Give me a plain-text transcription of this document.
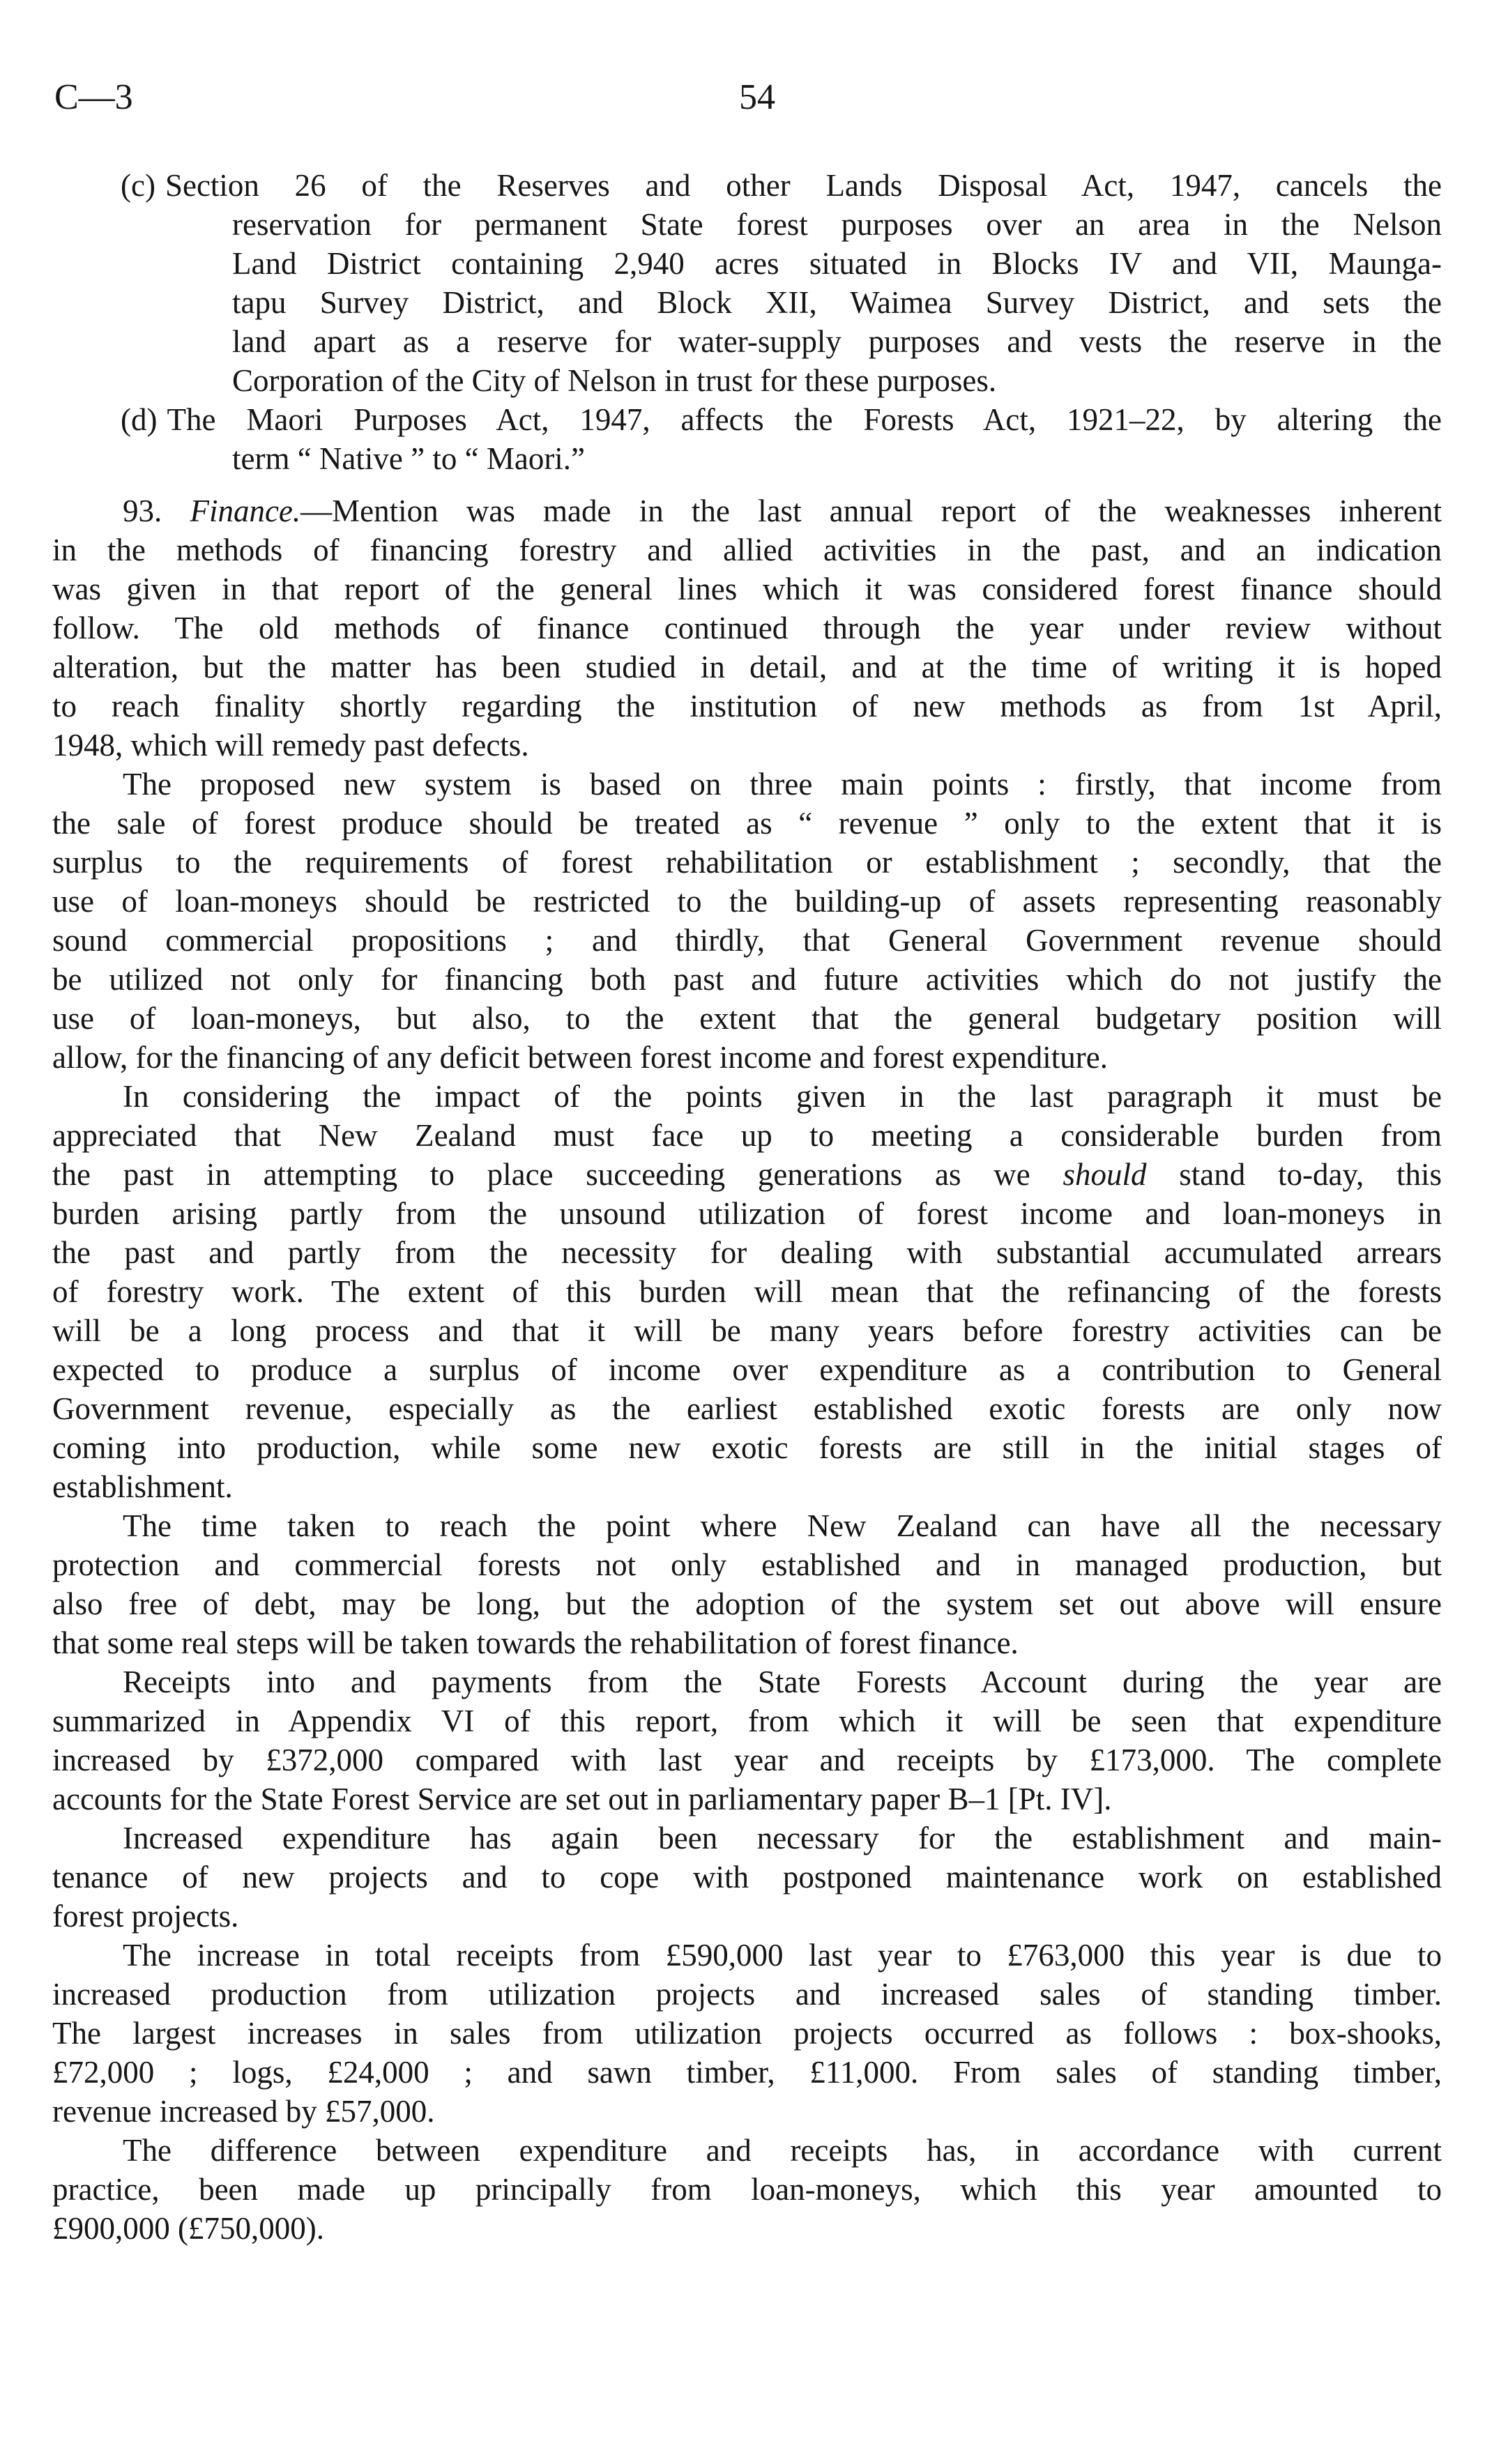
C—3	54
(c) Section 26 of the Reserves and other Lands Disposal Act, 1947, cancels the
reservation for permanent State forest purposes over an area in the Nelson
Land District containing 2,940 acres situated in Blocks IV and VII, Maunga-
tapu Survey District, and Block XII, Waimea Survey District, and sets the
land apart as a reserve for water-supply purposes and vests the reserve in the
Corporation of the City of Nelson in trust for these purposes.
(d) The Maori Purposes Act, 1947, affects the Forests Act, 1921–22, by altering the
term “ Native ” to “ Maori.”
93. Finance.—Mention was made in the last annual report of the weaknesses inherent
in the methods of financing forestry and allied activities in the past, and an indication
was given in that report of the general lines which it was considered forest finance should
follow. The old methods of finance continued through the year under review without
alteration, but the matter has been studied in detail, and at the time of writing it is hoped
to reach finality shortly regarding the institution of new methods as from 1st April,
1948, which will remedy past defects.
The proposed new system is based on three main points : firstly, that income from
the sale of forest produce should be treated as “ revenue ” only to the extent that it is
surplus to the requirements of forest rehabilitation or establishment ; secondly, that the
use of loan-moneys should be restricted to the building-up of assets representing reasonably
sound commercial propositions ; and thirdly, that General Government revenue should
be utilized not only for financing both past and future activities which do not justify the
use of loan-moneys, but also, to the extent that the general budgetary position will
allow, for the financing of any deficit between forest income and forest expenditure.
In considering the impact of the points given in the last paragraph it must be
appreciated that New Zealand must face up to meeting a considerable burden from
the past in attempting to place succeeding generations as we should stand to-day, this
burden arising partly from the unsound utilization of forest income and loan-moneys in
the past and partly from the necessity for dealing with substantial accumulated arrears
of forestry work. The extent of this burden will mean that the refinancing of the forests
will be a long process and that it will be many years before forestry activities can be
expected to produce a surplus of income over expenditure as a contribution to General
Government revenue, especially as the earliest established exotic forests are only now
coming into production, while some new exotic forests are still in the initial stages of
establishment.
The time taken to reach the point where New Zealand can have all the necessary
protection and commercial forests not only established and in managed production, but
also free of debt, may be long, but the adoption of the system set out above will ensure
that some real steps will be taken towards the rehabilitation of forest finance.
Receipts into and payments from the State Forests Account during the year are
summarized in Appendix VI of this report, from which it will be seen that expenditure
increased by £372,000 compared with last year and receipts by £173,000. The complete
accounts for the State Forest Service are set out in parliamentary paper B–1 [Pt. IV].
Increased expenditure has again been necessary for the establishment and main-
tenance of new projects and to cope with postponed maintenance work on established
forest projects.
The increase in total receipts from £590,000 last year to £763,000 this year is due to
increased production from utilization projects and increased sales of standing timber.
The largest increases in sales from utilization projects occurred as follows : box-shooks,
£72,000 ; logs, £24,000 ; and sawn timber, £11,000. From sales of standing timber,
revenue increased by £57,000.
The difference between expenditure and receipts has, in accordance with current
practice, been made up principally from loan-moneys, which this year amounted to
£900,000 (£750,000).
